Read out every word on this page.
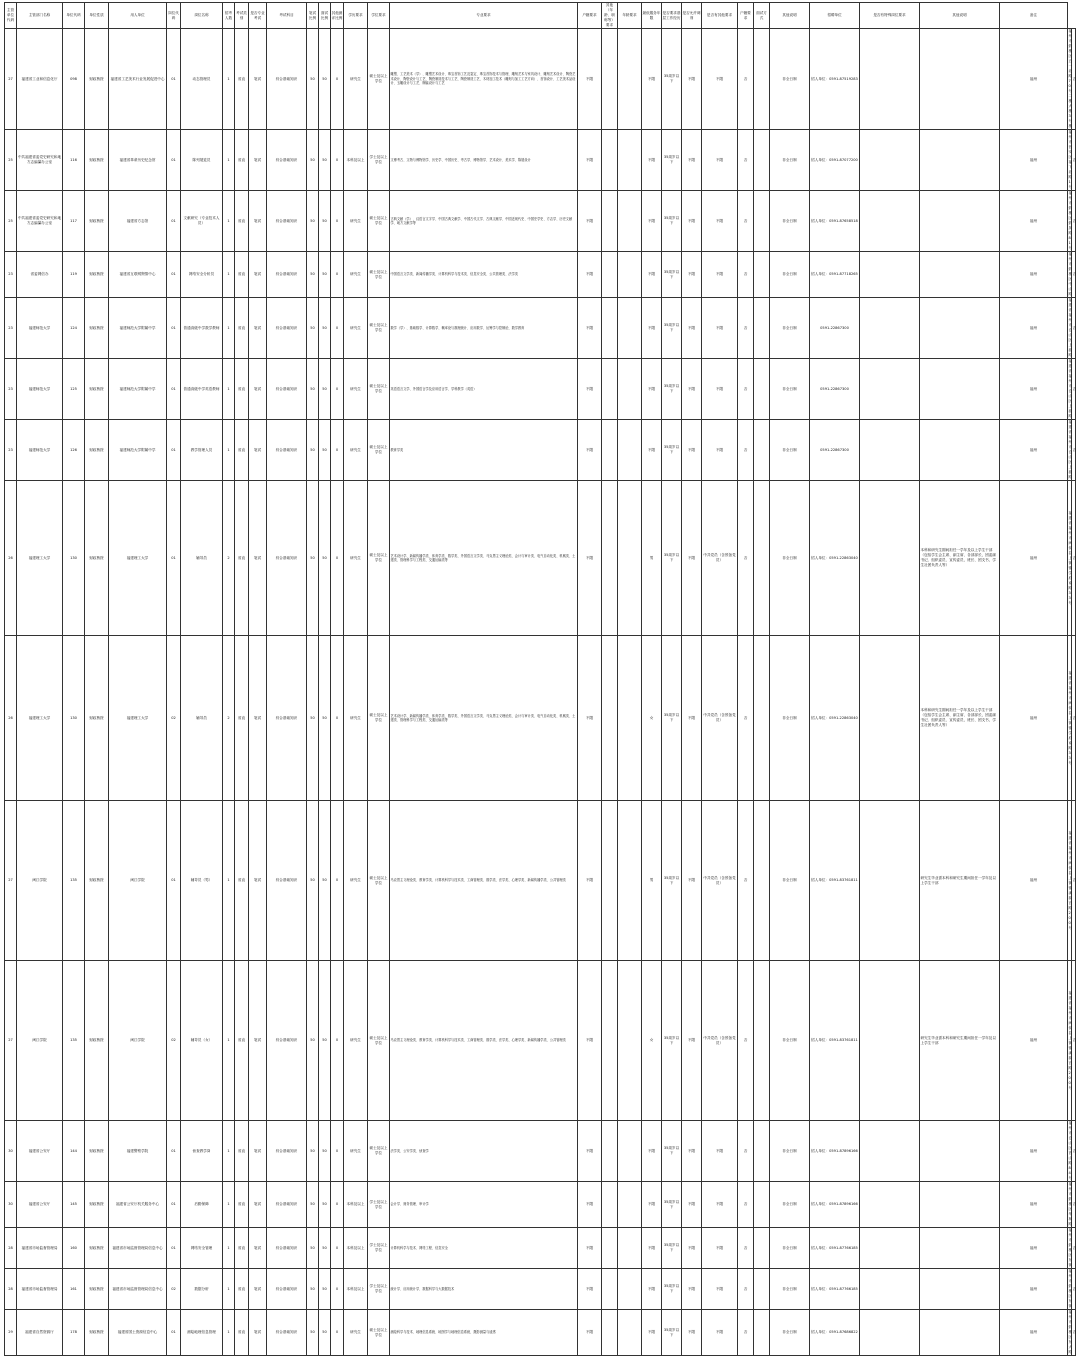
主管单位代码	主管部门名称	单位代码	单位性质	用人单位	岗位代码	岗位名称	招考人数	考试类别	是否专业考试	考试科目	笔试比例	面试比例	其他测评比例	学历要求	学位要求	专业要求	户籍要求	其他（年龄、职称等）要求	年龄要求	最低服务年限	是否要求基层工作经历	是否允许调剂	是否有其他要求	户籍要求	面试方式	其他说明	招聘单位	是否有特殊岗位要求	其他说明	备注		
27	福建省工业和信息化厅	098	财政核拨	福建省工艺美术行业发展促进中心	01	动态管理员	1	省直	笔试	综合基础知识	50	50	0	研究生	硕士及以上学位	雕塑、工艺美术（学）、雕塑艺术设计、珠宝首饰工艺及鉴定、珠宝首饰技术与管理、雕刻艺术与家具设计、雕刻艺术设计、陶瓷艺术设计、陶瓷设计与工艺、陶瓷制造技术与工艺、陶瓷制造工艺、木材加工技术（雕刻与加工工艺方向）、首饰设计、工艺美术品设计、玉雕设计与工艺、牌匾设计与工艺	不限			不限	35周岁以下	不限	不限	否		非全日制	招人单位：0591-87519283			福州	福州市鼓楼区五一北路70号二楼大楼3号楼	否
25	中共福建省委党史研究和地方志编纂办公室	116	财政核拨	福建省革命历史纪念馆	01	陈列展览员	1	省直	笔试	综合基础知识	50	50	0	本科及以上	学士及以上学位	文博考古、文物与博物馆学、历史学、中国历史、考古学、博物馆学、艺术设计、美术学、陈展设计	不限			不限	35周岁以下	不限	不限	否		非全日制	招人单位：0591-87077200			福州	福州市晋安区福飞北路1号	否
25	中共福建省委党史研究和地方志编纂办公室	117	财政核拨	福建省方志馆	01	文献研究（专业技术人员）	1	省直	笔试	综合基础知识	50	50	0	研究生	硕士及以上学位	古典文献（学）、汉语言文字学、中国古典文献学、中国古代文学、古典文献学、中国近现代史、中国史学史、方志学、历史文献学、地方文献学等	不限			不限	35周岁以下	不限	不限	否		非全日制	招人单位：0591-87658518			福州	福州市鼓楼区鼓屏路81号	否
23	省委网信办	119	财政核拨	福建省互联网舆情中心	01	网络安全分析员	1	省直	笔试	综合基础知识	50	50	0	研究生	硕士及以上学位	中国语言文学类、新闻传播学类、计算机科学与技术类、信息安全类、公共管理类、法学类	不限			不限	35周岁以下	不限	不限	否		非全日制	招人单位：0591-87718265			福州	福州市鼓楼区中山路	否
23	福建师范大学	124	财政核拨	福建师范大学附属中学	01	普通高级中学数学教师	1	省直	笔试	综合基础知识	50	50	0	研究生	硕士及以上学位	数学（学）、基础数学、计算数学、概率论与数理统计、应用数学、运筹学与控制论、数学教育	不限			不限	35周岁以下	不限	不限	否		非全日制	0591-22867300			福州	福建省福州市仓山区上渡路	否
23	福建师范大学	125	财政核拨	福建师范大学附属中学	01	普通高级中学英语教师	1	省直	笔试	综合基础知识	50	50	0	研究生	硕士及以上学位	英语语言文学、外国语言学及应用语言学、学科教学（英语）	不限			不限	35周岁以下	不限	不限	否		非全日制	0591-22867300			福州	福建省福州市仓山区上渡路	否
23	福建师范大学	126	财政核拨	福建师范大学附属中学	01	教学管理人员	1	省直	笔试	综合基础知识	50	50	0	研究生	硕士及以上学位	教育学类	不限			不限	35周岁以下	不限	不限	否		非全日制	0591-22867300			福州	福建省福州市仓山区上渡路	否
26	福建理工大学	130	财政核拨	福建理工大学	01	辅导员	2	省直	笔试	综合基础知识	50	50	0	研究生	硕士及以上学位	艺术设计学、新闻传播学类、体育学类、数学类、外国语言文学类、马克思主义理论类、会计与审计类、电气自动化类、机械类、土建类、管理科学与工程类、交通运输类等	不限			男	35周岁以下	不限	中共党员（含预备党员）	否		非全日制	招人单位：0591-22863040		本科和研究生期间担任一学年及以上学生干部（包括学生会主席、副主席、各部部长，团委副书记、组织委员、宣传委员，班长、团支书，学生社团负责人等）	福州	福建省福州市闽侯县上街镇学府南路33号	否
26	福建理工大学	130	财政核拨	福建理工大学	02	辅导员	2	省直	笔试	综合基础知识	50	50	0	研究生	硕士及以上学位	艺术设计学、新闻传播学类、体育学类、数学类、外国语言文学类、马克思主义理论类、会计与审计类、电气自动化类、机械类、土建类、管理科学与工程类、交通运输类等	不限			女	35周岁以下	不限	中共党员（含预备党员）	否		非全日制	招人单位：0591-22863040		本科和研究生期间担任一学年及以上学生干部（包括学生会主席、副主席、各部部长，团委副书记、组织委员、宣传委员，班长、团支书，学生社团负责人等）	福州	福建省福州市闽侯县上街镇学府南路33号	否
27	闽江学院	135	财政核拨	闽江学院	01	辅导员（男）	1	省直	笔试	综合基础知识	50	50	0	研究生	硕士及以上学位	马克思主义理论类、教育学类、计算机科学与技术类、工商管理类、数学类、法学类、心理学类、新闻传播学类、公共管理类	不限			男	35周岁以下	不限	中共党员（含预备党员）	否		非全日制	招人单位：0591-83761811		研究生毕业需本科和研究生期间担任一学年及以上学生干部	福州	福建省福州市闽侯县上街镇溪源宫路200号	否
27	闽江学院	135	财政核拨	闽江学院	02	辅导员（女）	1	省直	笔试	综合基础知识	50	50	0	研究生	硕士及以上学位	马克思主义理论类、教育学类、计算机科学与技术类、工商管理类、数学类、法学类、心理学类、新闻传播学类、公共管理类	不限			女	35周岁以下	不限	中共党员（含预备党员）	否		非全日制	招人单位：0591-83761811		研究生毕业需本科和研究生期间担任一学年及以上学生干部	福州	福建省福州市闽侯县上街镇溪源宫路200号	否
30	福建省公安厅	144	财政核拨	福建警察学院	01	侦查教学岗	1	省直	笔试	综合基础知识	50	50	0	研究生	硕士及以上学位	法学类、公安学类、侦查学	不限			不限	35周岁以下	不限	不限	否		非全日制	招人单位：0591-87896166			福州	福州市仓山区首山路84号	否
30	福建省公安厅	145	财政核拨	福建省公安厅机关服务中心	01	后勤保障	1	省直	笔试	综合基础知识	50	50	0	本科及以上	学士及以上学位	会计学、财务管理、审计学	不限			不限	35周岁以下	不限	不限	否		非全日制	招人单位：0591-87896166			福州	福州市鼓楼区华林路	否
28	福建省市场监督管理局	160	财政核拨	福建省市场监督管理局信息中心	01	网络安全管理	1	省直	笔试	综合基础知识	50	50	0	本科及以上	学士及以上学位	计算机科学与技术、网络工程、信息安全	不限			不限	35周岁以下	不限	不限	否		非全日制	招人单位：0591-87766185			福州	福州市鼓楼区东街	否
28	福建省市场监督管理局	161	财政核拨	福建省市场监督管理局信息中心	02	数据分析	1	省直	笔试	综合基础知识	50	50	0	本科及以上	学士及以上学位	统计学、应用统计学、数据科学与大数据技术	不限			不限	35周岁以下	不限	不限	否		非全日制	招人单位：0591-87766185			福州	福州市鼓楼区东街	否
29	福建省自然资源厅	178	财政核拨	福建省国土资源信息中心	01	测绘地理信息管理	1	省直	笔试	综合基础知识	50	50	0	研究生	硕士及以上学位	测绘科学与技术、地理信息系统、地图学与地理信息系统、摄影测量与遥感	不限			不限	35周岁以下	不限	不限	否		非全日制	招人单位：0591-87686822			福州	福州市鼓楼区东大路	否
